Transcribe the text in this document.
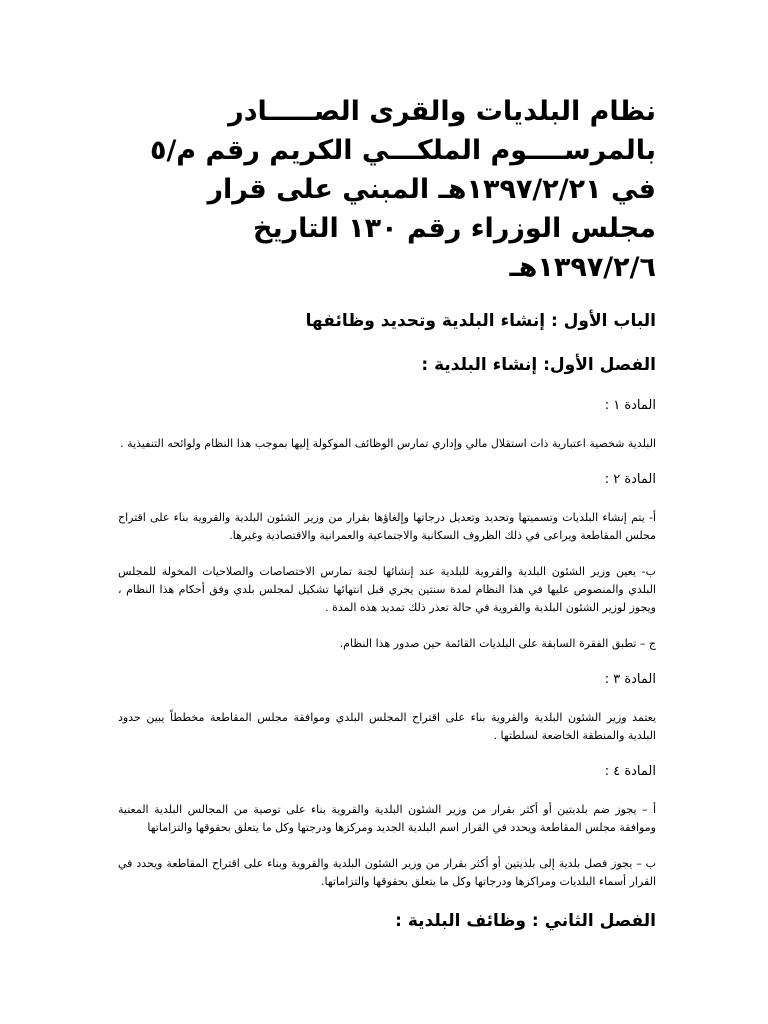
نظام البلديات والقرى الصـــــادر بالمرســــوم الملكـــي الكريم رقم م/٥ في ١٣٩٧/٢/٢١هـ المبني على قرار مجلس الوزراء رقم ١٣٠ التاريخ ١٣٩٧/٢/٦هـ
الباب الأول : إنشاء البلدية وتحديد وظائفها
الفصل الأول: إنشاء البلدية :
المادة ١ :

البلدية شخصية اعتبارية ذات استقلال مالي وإداري تمارس الوظائف الموكولة إليها بموجب هذا النظام ولوائحه التنفيذية .

المادة ٢ :

أ- يتم إنشاء البلديات وتسميتها وتحديد وتعديل درجاتها وإلغاؤها بقرار من وزير الشئون البلدية والقروية بناء على اقتراح مجلس المقاطعة ويراعى في ذلك الظروف السكانية والاجتماعية والعمرانية والاقتصادية وغيرها.

ب- يعين وزير الشئون البلدية والقروية للبلدية عند إنشائها لجنة تمارس الاختصاصات والصلاحيات المخولة للمجلس البلدي والمنصوص عليها في هذا النظام لمدة سنتين يجري قبل انتهائها تشكيل لمجلس بلدي وفق أحكام هذا النظام ، ويجوز لوزير الشئون البلدية والقروية في حالة تعذر ذلك تمديد هذه المدة .

ج – تطبق الفقرة السابقة على البلديات القائمة حين صدور هذا النظام.

المادة ٣ :

يعتمد وزير الشئون البلدية والقروية بناء على اقتراح المجلس البلدي وموافقة مجلس المقاطعة مخططاً يبين حدود البلدية والمنطقة الخاضعة لسلطتها .

المادة ٤ :

أ – يجوز ضم بلديتين أو أكثر بقرار من وزير الشئون البلدية والقروية بناء على توصية من المجالس البلدية المعنية وموافقة مجلس المقاطعة ويحدد في القرار اسم البلدية الجديد ومركزها ودرجتها وكل ما يتعلق بحقوقها والتزاماتها

ب – يجوز فصل بلدية إلى بلديتين أو أكثر بقرار من وزير الشئون البلدية والقروية وبناء على اقتراح المقاطعة ويحدد في القرار أسماء البلديات ومراكزها ودرجاتها وكل ما يتعلق بحقوقها والتزاماتها.

الفصل الثاني : وظائف البلدية :
